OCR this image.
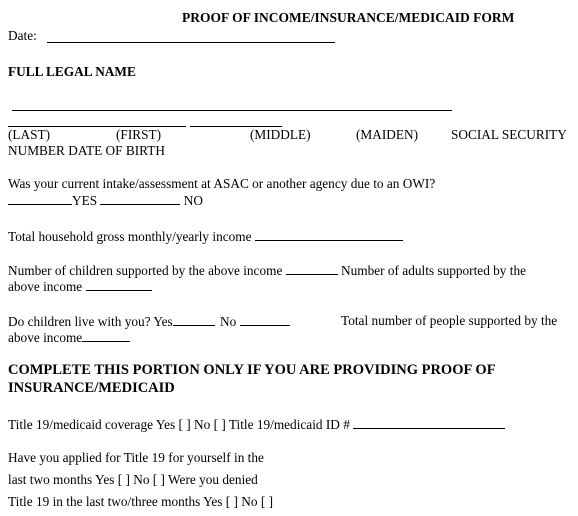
PROOF OF INCOME/INSURANCE/MEDICAID FORM
Date:
FULL LEGAL NAME
(LAST)	(FIRST)	(MIDDLE)	(MAIDEN) SOCIAL SECURITY
NUMBER DATE OF BIRTH
Was your current intake/assessment at ASAC or another agency due to an OWI?
YES	NO
Total household gross monthly/yearly income
Number of children supported by the above income	Number of adults supported by the
above income
Do children live with you? Yes	No	Total number of people supported by the
above income
COMPLETE THIS PORTION ONLY IF YOU ARE PROVIDING PROOF OF
INSURANCE/MEDICAID
Title 19/medicaid coverage Yes [ ] No [ ] Title 19/medicaid ID #
Have you applied for Title 19 for yourself in the
last two months Yes [ ] No [ ] Were you denied
Title 19 in the last two/three months Yes [ ] No [ ]
